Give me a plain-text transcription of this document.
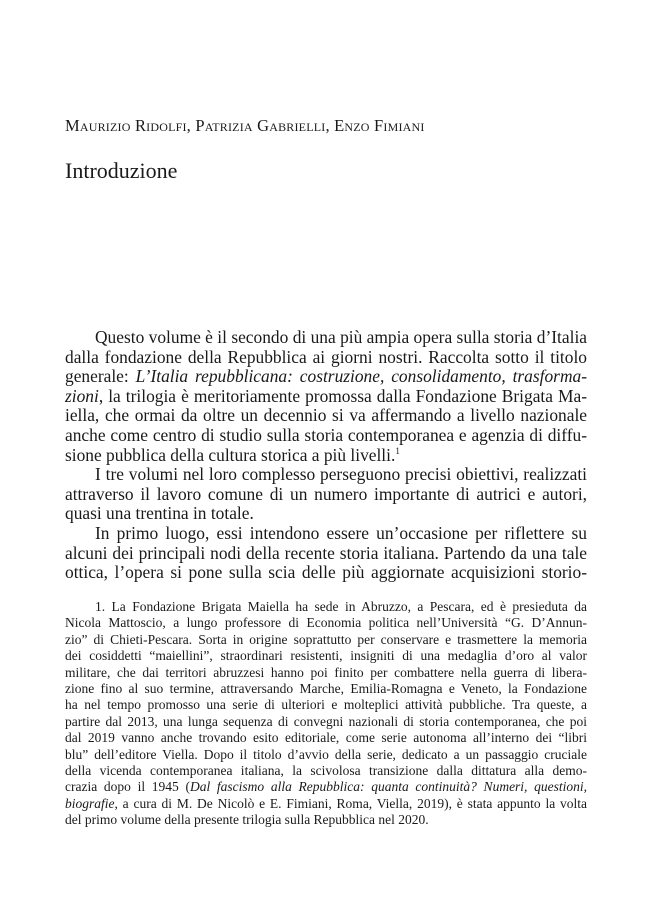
Maurizio Ridolfi, Patrizia Gabrielli, Enzo Fimiani
Introduzione

Questo volume è il secondo di una più ampia opera sulla storia d’Italia
dalla fondazione della Repubblica ai giorni nostri. Raccolta sotto il titolo
generale: L’Italia repubblicana: costruzione, consolidamento, trasforma-
zioni, la trilogia è meritoriamente promossa dalla Fondazione Brigata Ma-
iella, che ormai da oltre un decennio si va affermando a livello nazionale
anche come centro di studio sulla storia contemporanea e agenzia di diffu-
sione pubblica della cultura storica a più livelli.$^1$

I tre volumi nel loro complesso perseguono precisi obiettivi, realizzati
attraverso il lavoro comune di un numero importante di autrici e autori,
quasi una trentina in totale.

In primo luogo, essi intendono essere un’occasione per riflettere su
alcuni dei principali nodi della recente storia italiana. Partendo da una tale
ottica, l’opera si pone sulla scia delle più aggiornate acquisizioni storio-

1. La Fondazione Brigata Maiella ha sede in Abruzzo, a Pescara, ed è presieduta da
Nicola Mattoscio, a lungo professore di Economia politica nell’Università “G. D’Annun-
zio” di Chieti-Pescara. Sorta in origine soprattutto per conservare e trasmettere la memoria
dei cosiddetti “maiellini”, straordinari resistenti, insigniti di una medaglia d’oro al valor
militare, che dai territori abruzzesi hanno poi finito per combattere nella guerra di libera-
zione fino al suo termine, attraversando Marche, Emilia-Romagna e Veneto, la Fondazione
ha nel tempo promosso una serie di ulteriori e molteplici attività pubbliche. Tra queste, a
partire dal 2013, una lunga sequenza di convegni nazionali di storia contemporanea, che poi
dal 2019 vanno anche trovando esito editoriale, come serie autonoma all’interno dei “libri
blu” dell’editore Viella. Dopo il titolo d’avvio della serie, dedicato a un passaggio cruciale
della vicenda contemporanea italiana, la scivolosa transizione dalla dittatura alla demo-
crazia dopo il 1945 (Dal fascismo alla Repubblica: quanta continuità? Numeri, questioni,
biografie, a cura di M. De Nicolò e E. Fimiani, Roma, Viella, 2019), è stata appunto la volta
del primo volume della presente trilogia sulla Repubblica nel 2020.
